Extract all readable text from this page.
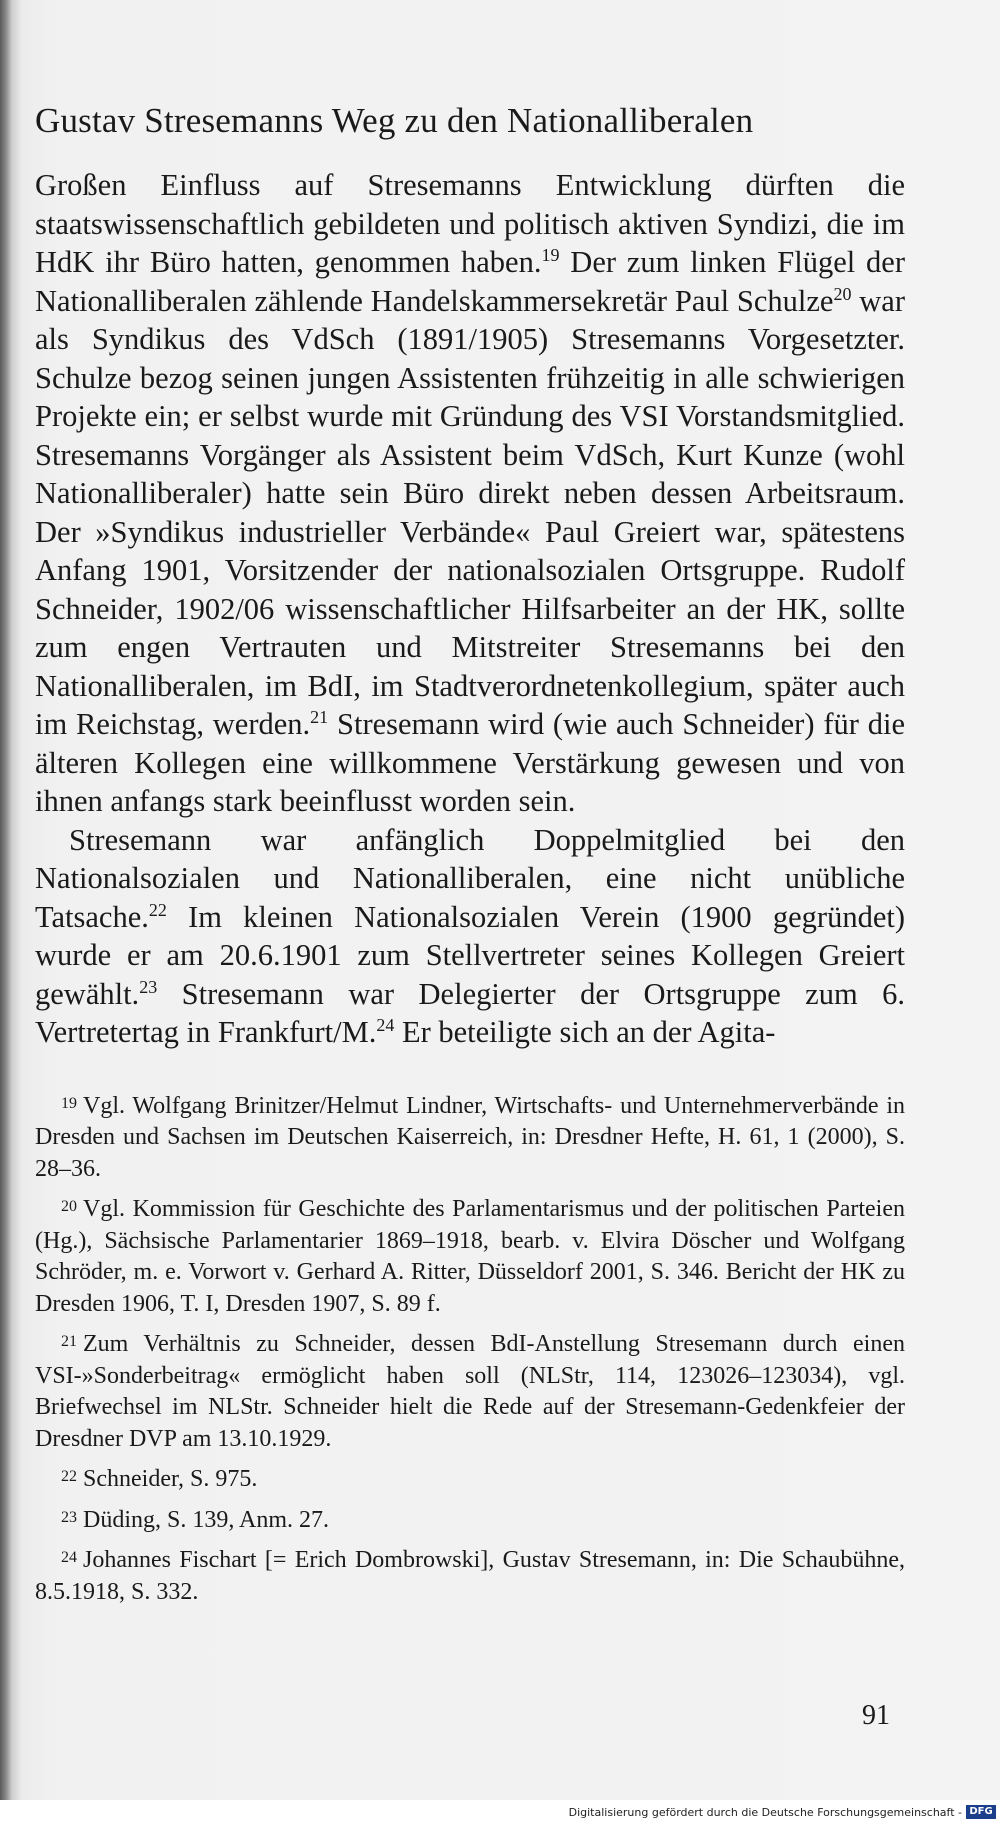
Gustav Stresemanns Weg zu den Nationalliberalen

Großen Einfluss auf Stresemanns Entwicklung dürften die staatswissenschaftlich gebildeten und politisch aktiven Syndizi, die im HdK ihr Büro hatten, genommen haben.$^{19}$ Der zum linken Flügel der Nationalliberalen zählende Handelskammersekretär Paul Schulze$^{20}$ war als Syndikus des VdSch (1891/1905) Stresemanns Vorgesetzter. Schulze bezog seinen jungen Assistenten frühzeitig in alle schwierigen Projekte ein; er selbst wurde mit Gründung des VSI Vorstandsmitglied. Stresemanns Vorgänger als Assistent beim VdSch, Kurt Kunze (wohl Nationalliberaler) hatte sein Büro direkt neben dessen Arbeitsraum. Der »Syndikus industrieller Verbände« Paul Greiert war, spätestens Anfang 1901, Vorsitzender der nationalsozialen Ortsgruppe. Rudolf Schneider, 1902/06 wissenschaftlicher Hilfsarbeiter an der HK, sollte zum engen Vertrauten und Mitstreiter Stresemanns bei den Nationalliberalen, im BdI, im Stadtverordnetenkollegium, später auch im Reichstag, werden.$^{21}$ Stresemann wird (wie auch Schneider) für die älteren Kollegen eine willkommene Verstärkung gewesen und von ihnen anfangs stark beeinflusst worden sein.

Stresemann war anfänglich Doppelmitglied bei den Nationalsozialen und Nationalliberalen, eine nicht unübliche Tatsache.$^{22}$ Im kleinen Nationalsozialen Verein (1900 gegründet) wurde er am 20.6.1901 zum Stellvertreter seines Kollegen Greiert gewählt.$^{23}$ Stresemann war Delegierter der Ortsgruppe zum 6. Vertretertag in Frankfurt/M.$^{24}$ Er beteiligte sich an der Agita-

$^{19}$ Vgl. Wolfgang Brinitzer/Helmut Lindner, Wirtschafts- und Unternehmerverbände in Dresden und Sachsen im Deutschen Kaiserreich, in: Dresdner Hefte, H. 61, 1 (2000), S. 28–36.

$^{20}$ Vgl. Kommission für Geschichte des Parlamentarismus und der politischen Parteien (Hg.), Sächsische Parlamentarier 1869–1918, bearb. v. Elvira Döscher und Wolfgang Schröder, m. e. Vorwort v. Gerhard A. Ritter, Düsseldorf 2001, S. 346. Bericht der HK zu Dresden 1906, T. I, Dresden 1907, S. 89 f.

$^{21}$ Zum Verhältnis zu Schneider, dessen BdI-Anstellung Stresemann durch einen VSI-»Sonderbeitrag« ermöglicht haben soll (NLStr, 114, 123026–123034), vgl. Briefwechsel im NLStr. Schneider hielt die Rede auf der Stresemann-Gedenkfeier der Dresdner DVP am 13.10.1929.

$^{22}$ Schneider, S. 975.

$^{23}$ Düding, S. 139, Anm. 27.

$^{24}$ Johannes Fischart [= Erich Dombrowski], Gustav Stresemann, in: Die Schaubühne, 8.5.1918, S. 332.

91
Digitalisierung gefördert durch die Deutsche Forschungsgemeinschaft - DFG
